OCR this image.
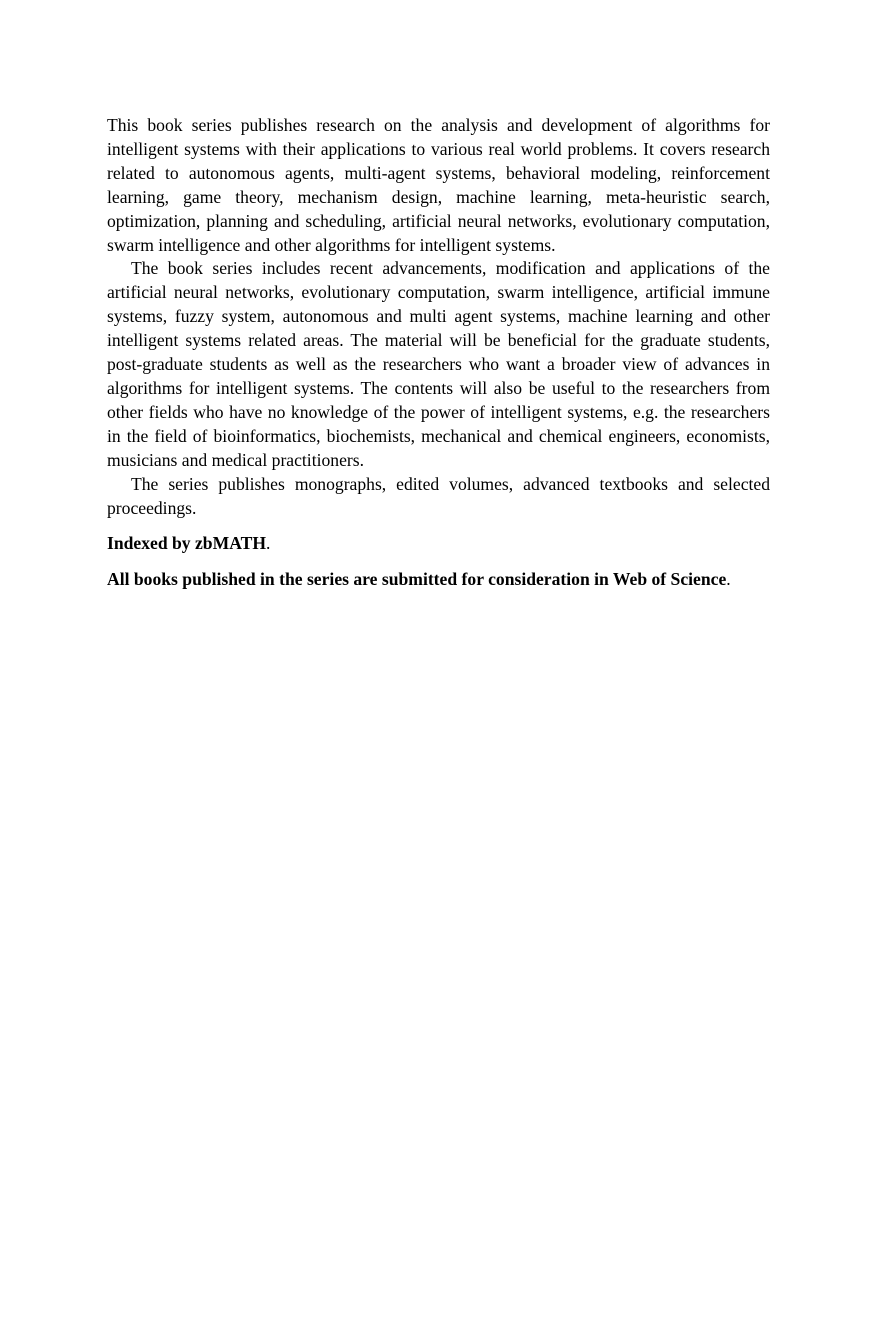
This book series publishes research on the analysis and development of algorithms for intelligent systems with their applications to various real world problems. It covers research related to autonomous agents, multi-agent systems, behavioral modeling, reinforcement learning, game theory, mechanism design, machine learning, meta-heuristic search, optimization, planning and scheduling, artificial neural networks, evolutionary computation, swarm intelligence and other algorithms for intelligent systems.

The book series includes recent advancements, modification and applications of the artificial neural networks, evolutionary computation, swarm intelligence, artificial immune systems, fuzzy system, autonomous and multi agent systems, machine learning and other intelligent systems related areas. The material will be beneficial for the graduate students, post-graduate students as well as the researchers who want a broader view of advances in algorithms for intelligent systems. The contents will also be useful to the researchers from other fields who have no knowledge of the power of intelligent systems, e.g. the researchers in the field of bioinformatics, biochemists, mechanical and chemical engineers, economists, musicians and medical practitioners.

The series publishes monographs, edited volumes, advanced textbooks and selected proceedings.

Indexed by zbMATH.

All books published in the series are submitted for consideration in Web of Science.
